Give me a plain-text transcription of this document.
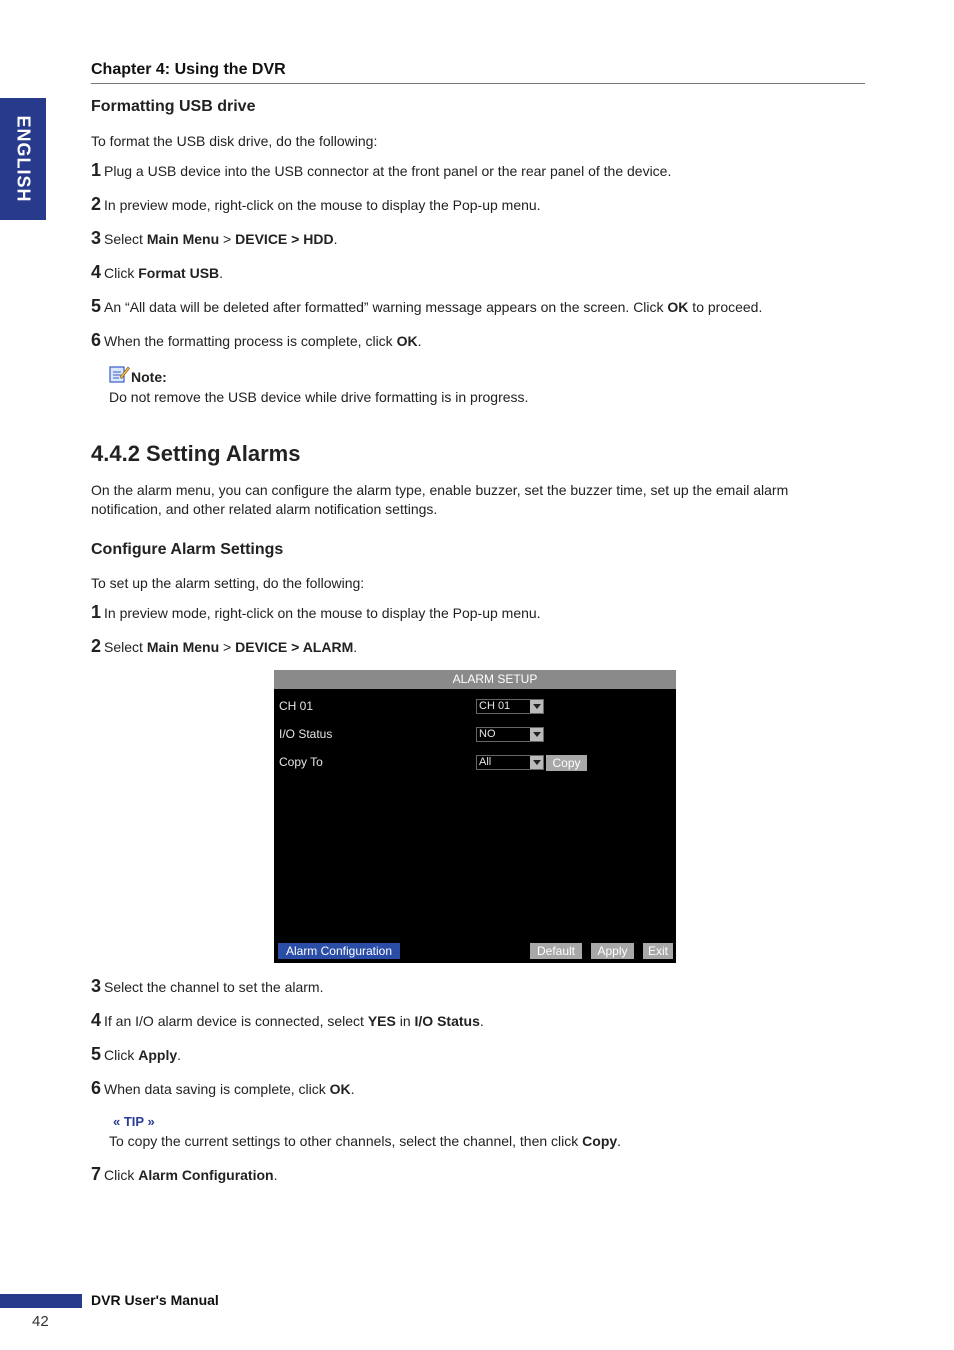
ENGLISH
Chapter 4: Using the DVR
Formatting USB drive
To format the USB disk drive, do the following:
1 Plug a USB device into the USB connector at the front panel or the rear panel of the device.
2 In preview mode, right-click on the mouse to display the Pop-up menu.
3 Select Main Menu > DEVICE > HDD.
4 Click Format USB.
5 An “All data will be deleted after formatted” warning message appears on the screen. Click OK to proceed.
6 When the formatting process is complete, click OK.
Note:
Do not remove the USB device while drive formatting is in progress.
4.4.2 Setting Alarms
On the alarm menu, you can configure the alarm type, enable buzzer, set the buzzer time, set up the email alarm
notification, and other related alarm notification settings.
Configure Alarm Settings
To set up the alarm setting, do the following:
1 In preview mode, right-click on the mouse to display the Pop-up menu.
2 Select Main Menu > DEVICE > ALARM.
ALARM SETUP
CH 01	CH 01
I/O Status	NO
Copy To	All	Copy
Alarm Configuration	Default	Apply	Exit
3 Select the channel to set the alarm.
4 If an I/O alarm device is connected, select YES in I/O Status.
5 Click Apply.
6 When data saving is complete, click OK.
« TIP »
To copy the current settings to other channels, select the channel, then click Copy.
7 Click Alarm Configuration.
DVR User's Manual
42
